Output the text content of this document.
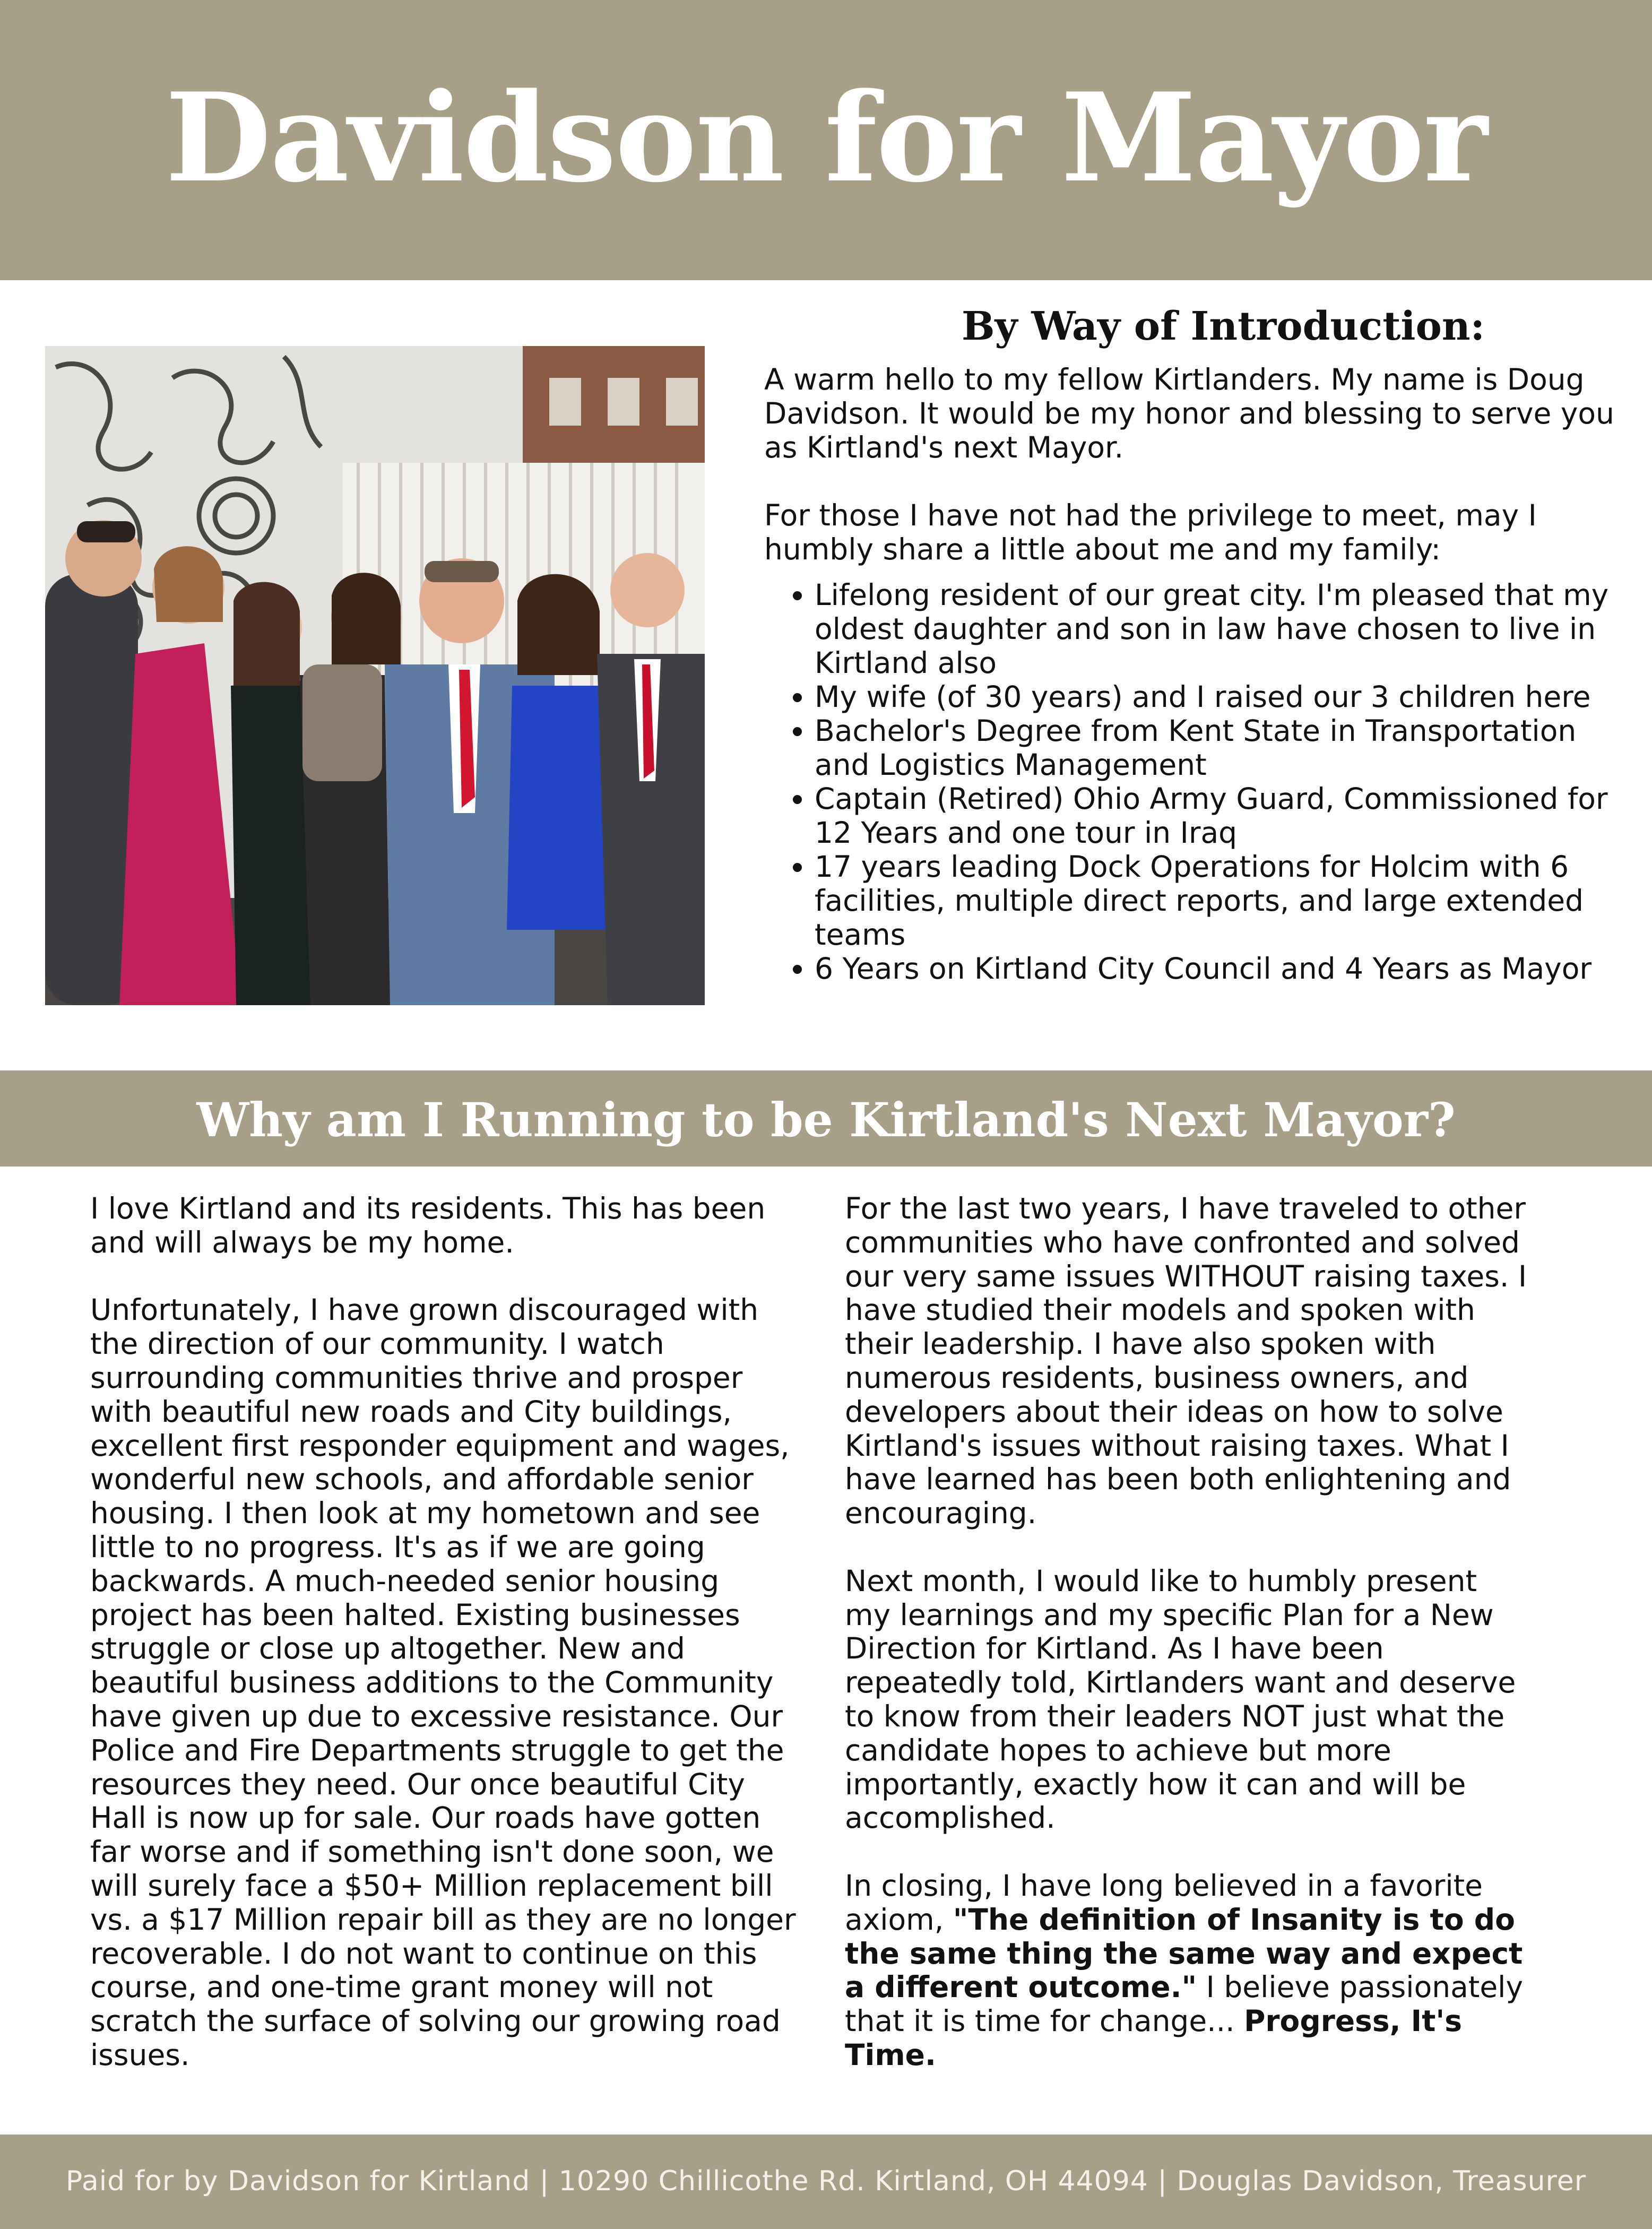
Davidson for Mayor
By Way of Introduction:

A warm hello to my fellow Kirtlanders. My name is Doug Davidson. It would be my honor and blessing to serve you as Kirtland's next Mayor.

For those I have not had the privilege to meet, may I humbly share a little about me and my family:

• Lifelong resident of our great city. I'm pleased that my oldest daughter and son in law have chosen to live in Kirtland also
• My wife (of 30 years) and I raised our 3 children here
• Bachelor's Degree from Kent State in Transportation and Logistics Management
• Captain (Retired) Ohio Army Guard, Commissioned for 12 Years and one tour in Iraq
• 17 years leading Dock Operations for Holcim with 6 facilities, multiple direct reports, and large extended teams
• 6 Years on Kirtland City Council and 4 Years as Mayor
Why am I Running to be Kirtland's Next Mayor?

I love Kirtland and its residents. This has been and will always be my home.

Unfortunately, I have grown discouraged with the direction of our community. I watch surrounding communities thrive and prosper with beautiful new roads and City buildings, excellent first responder equipment and wages, wonderful new schools, and affordable senior housing. I then look at my hometown and see little to no progress. It's as if we are going backwards. A much-needed senior housing project has been halted. Existing businesses struggle or close up altogether. New and beautiful business additions to the Community have given up due to excessive resistance. Our Police and Fire Departments struggle to get the resources they need. Our once beautiful City Hall is now up for sale. Our roads have gotten far worse and if something isn't done soon, we will surely face a $50+ Million replacement bill vs. a $17 Million repair bill as they are no longer recoverable. I do not want to continue on this course, and one-time grant money will not scratch the surface of solving our growing road issues.

For the last two years, I have traveled to other communities who have confronted and solved our very same issues WITHOUT raising taxes. I have studied their models and spoken with their leadership. I have also spoken with numerous residents, business owners, and developers about their ideas on how to solve Kirtland's issues without raising taxes. What I have learned has been both enlightening and encouraging.

Next month, I would like to humbly present my learnings and my specific Plan for a New Direction for Kirtland. As I have been repeatedly told, Kirtlanders want and deserve to know from their leaders NOT just what the candidate hopes to achieve but more importantly, exactly how it can and will be accomplished.

In closing, I have long believed in a favorite axiom, "The definition of Insanity is to do the same thing the same way and expect a different outcome." I believe passionately that it is time for change... Progress, It's Time.

Paid for by Davidson for Kirtland | 10290 Chillicothe Rd. Kirtland, OH 44094 | Douglas Davidson, Treasurer
